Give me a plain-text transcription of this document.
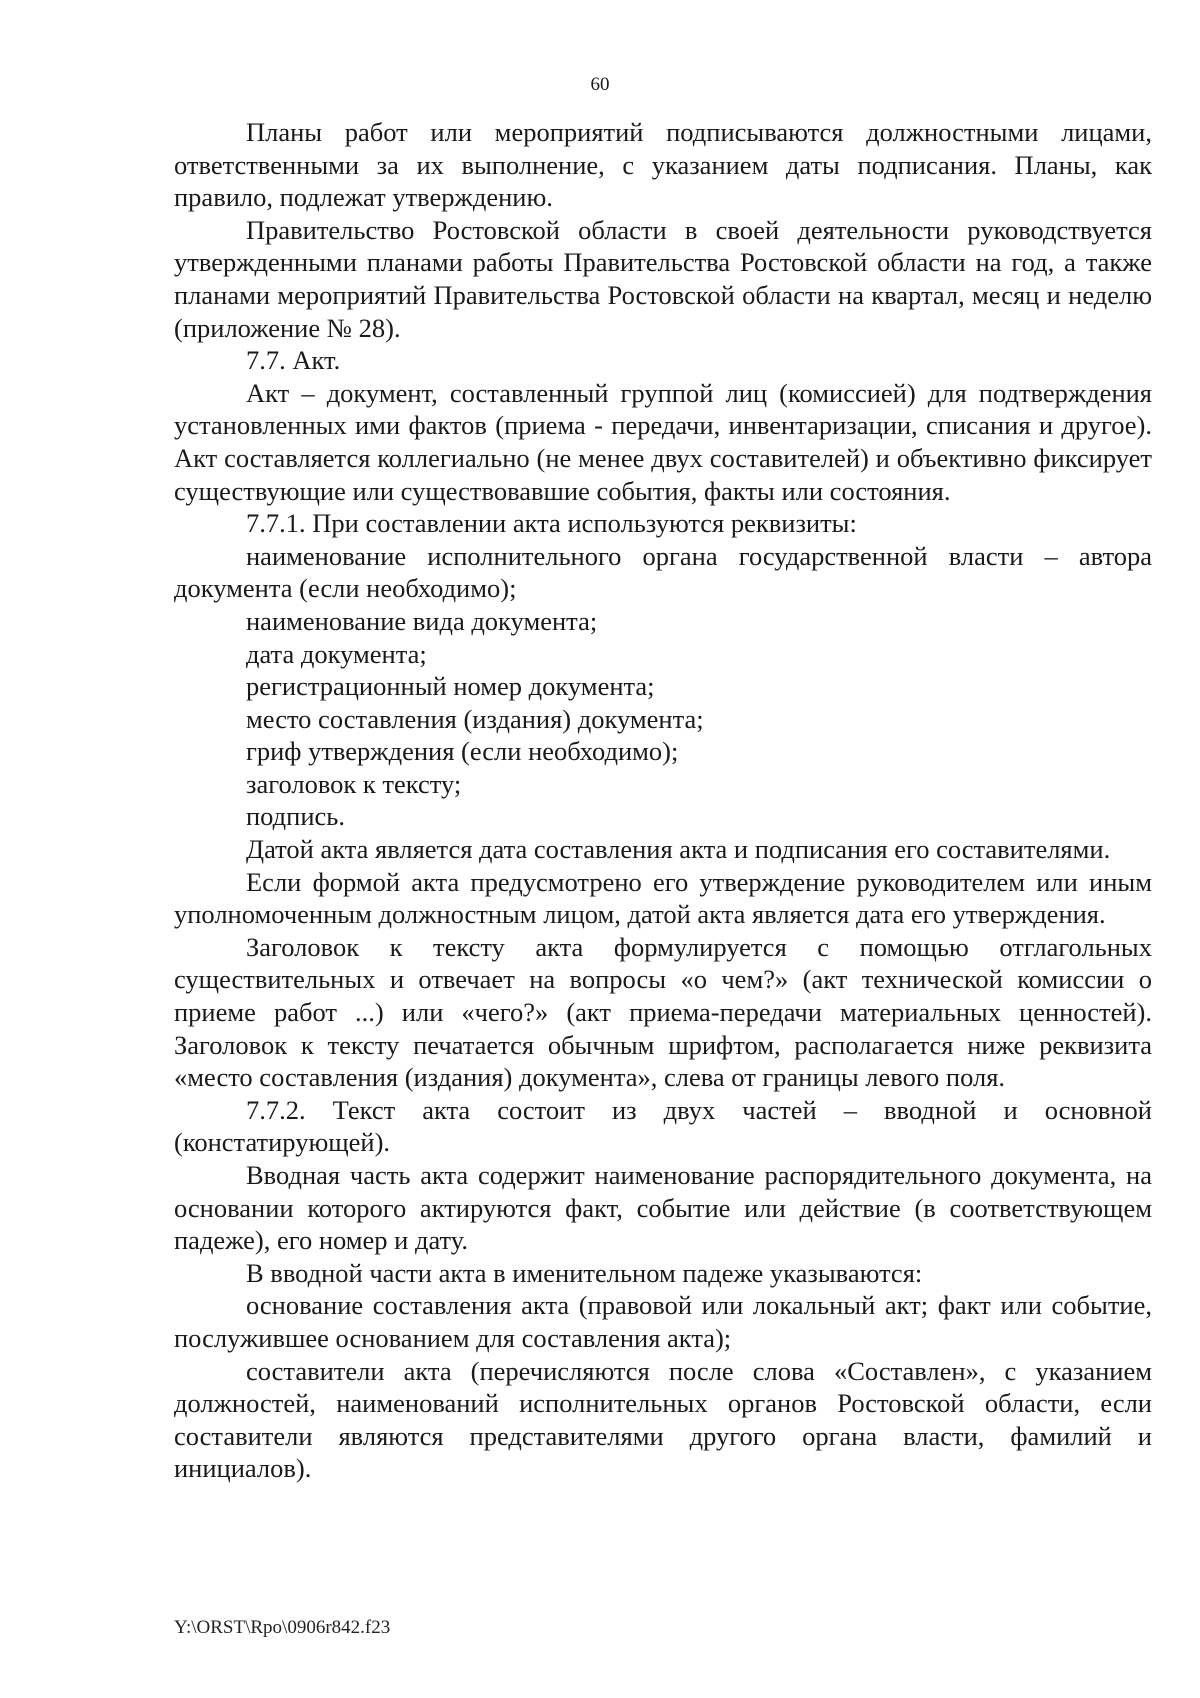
60

Планы работ или мероприятий подписываются должностными лицами, ответственными за их выполнение, с указанием даты подписания. Планы, как правило, подлежат утверждению.

Правительство Ростовской области в своей деятельности руководствуется утвержденными планами работы Правительства Ростовской области на год, а также планами мероприятий Правительства Ростовской области на квартал, месяц и неделю (приложение № 28).

7.7. Акт.

Акт – документ, составленный группой лиц (комиссией) для подтверждения установленных ими фактов (приема - передачи, инвентаризации, списания и другое). Акт составляется коллегиально (не менее двух составителей) и объективно фиксирует существующие или существовавшие события, факты или состояния.

7.7.1. При составлении акта используются реквизиты:

наименование исполнительного органа государственной власти – автора документа (если необходимо);

наименование вида документа;

дата документа;

регистрационный номер документа;

место составления (издания) документа;

гриф утверждения (если необходимо);

заголовок к тексту;

подпись.

Датой акта является дата составления акта и подписания его составителями.

Если формой акта предусмотрено его утверждение руководителем или иным уполномоченным должностным лицом, датой акта является дата его утверждения.

Заголовок к тексту акта формулируется с помощью отглагольных существительных и отвечает на вопросы «о чем?» (акт технической комиссии о приеме работ ...) или «чего?» (акт приема-передачи материальных ценностей). Заголовок к тексту печатается обычным шрифтом, располагается ниже реквизита «место составления (издания) документа», слева от границы левого поля.

7.7.2. Текст акта состоит из двух частей – вводной и основной (констатирующей).

Вводная часть акта содержит наименование распорядительного документа, на основании которого актируются факт, событие или действие (в соответствующем падеже), его номер и дату.

В вводной части акта в именительном падеже указываются:

основание составления акта (правовой или локальный акт; факт или событие, послужившее основанием для составления акта);

составители акта (перечисляются после слова «Составлен», с указанием должностей, наименований исполнительных органов Ростовской области, если составители являются представителями другого органа власти, фамилий и инициалов).

Y:\ORST\Rpo\0906r842.f23
